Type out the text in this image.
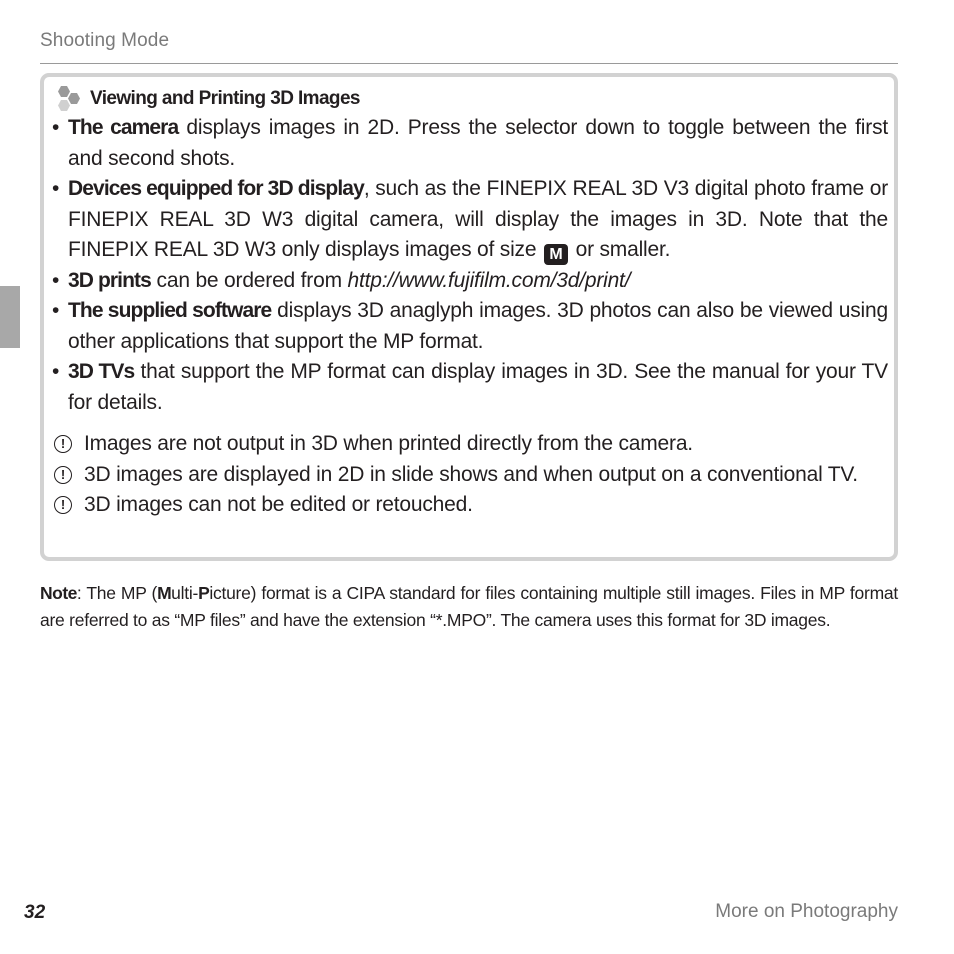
Shooting Mode
Viewing and Printing 3D Images
• The camera displays images in 2D. Press the selector down to toggle between the first and second shots.
• Devices equipped for 3D display, such as the FINEPIX REAL 3D V3 digital photo frame or FINEPIX REAL 3D W3 digital camera, will display the images in 3D. Note that the FINEPIX REAL 3D W3 only displays images of size M or smaller.
• 3D prints can be ordered from http://www.fujifilm.com/3d/print/
• The supplied software displays 3D anaglyph images. 3D photos can also be viewed using other applications that support the MP format.
• 3D TVs that support the MP format can display images in 3D. See the manual for your TV for details.
! Images are not output in 3D when printed directly from the camera.
! 3D images are displayed in 2D in slide shows and when output on a conventional TV.
! 3D images can not be edited or retouched.
Note: The MP (Multi-Picture) format is a CIPA standard for files containing multiple still images. Files in MP format are referred to as “MP files” and have the extension “*.MPO”. The camera uses this format for 3D images.
32	More on Photography
